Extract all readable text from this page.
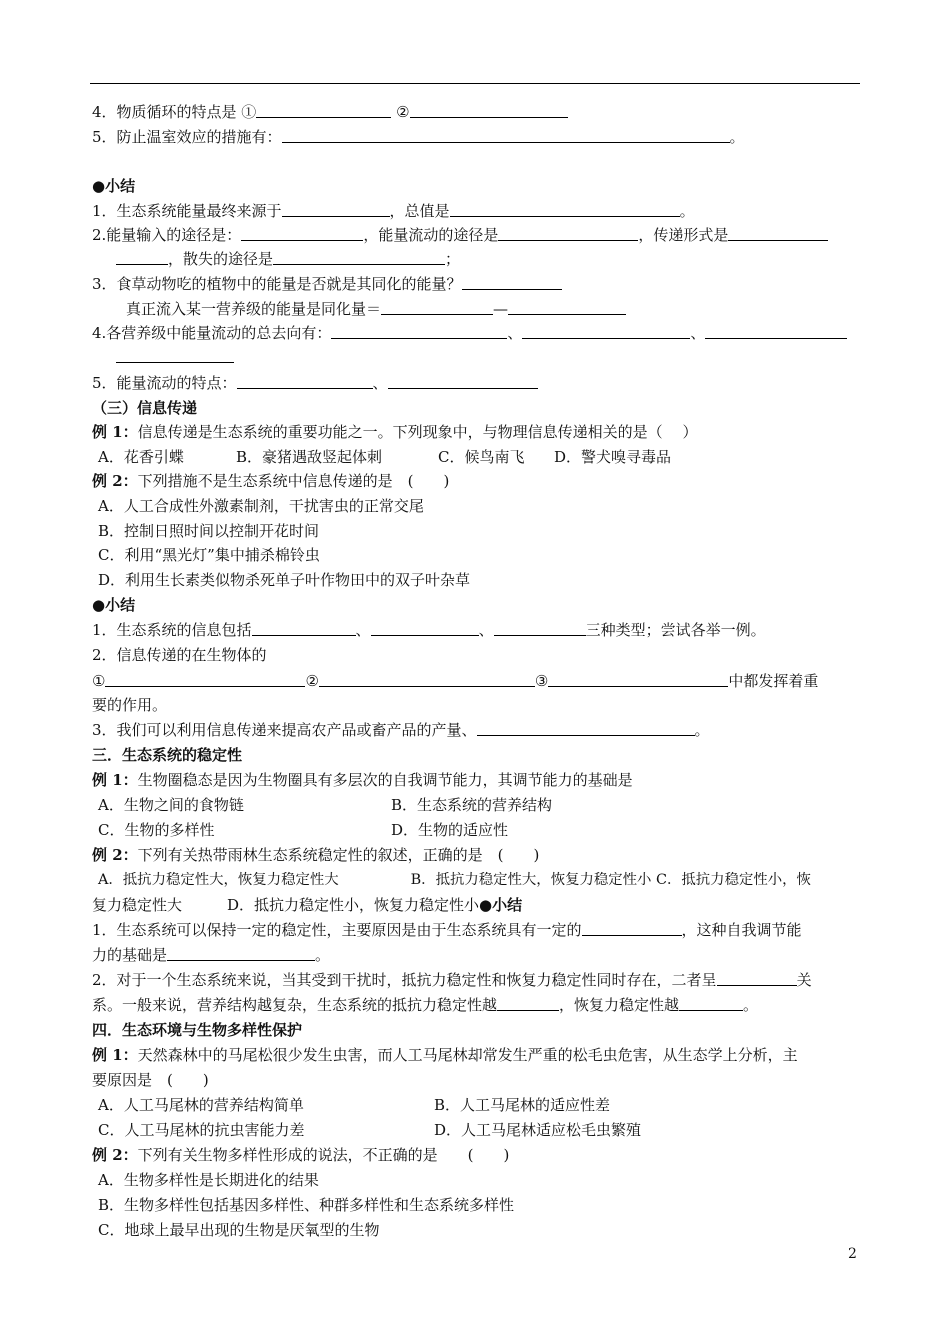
4．物质循环的特点是 ①	②
5．防止温室效应的措施有：	。
●小结
1．生态系统能量最终来源于	，总值是	。
2.能量输入的途径是：	，能量流动的途径是	，传递形式是
，散失的途径是	；
3．食草动物吃的植物中的能量是否就是其同化的能量？
真正流入某一营养级的能量是同化量＝	—
4.各营养级中能量流动的总去向有：	、	、
5．能量流动的特点：	、
（三）信息传递
例 1：信息传递是生态系统的重要功能之一。下列现象中，与物理信息传递相关的是（　 ）
A．花香引蝶	B．豪猪遇敌竖起体刺	C．候鸟南飞 D．警犬嗅寻毒品
例 2：下列措施不是生态系统中信息传递的是　(　　)
A．人工合成性外激素制剂，干扰害虫的正常交尾
B．控制日照时间以控制开花时间
C．利用“黑光灯”集中捕杀棉铃虫
D．利用生长素类似物杀死单子叶作物田中的双子叶杂草
●小结
1．生态系统的信息包括	、	、	三种类型；尝试各举一例。
2．信息传递的在生物体的
①	②	③	中都发挥着重
要的作用。
3．我们可以利用信息传递来提高农产品或畜产品的产量、	。
三．生态系统的稳定性
例 1：生物圈稳态是因为生物圈具有多层次的自我调节能力，其调节能力的基础是
A．生物之间的食物链	B．生态系统的营养结构
C．生物的多样性	D．生物的适应性
例 2：下列有关热带雨林生态系统稳定性的叙述，正确的是　(　　)
A．抵抗力稳定性大，恢复力稳定性大　　　　　B．抵抗力稳定性大，恢复力稳定性小 C．抵抗力稳定性小，恢
复力稳定性大　　　D．抵抗力稳定性小，恢复力稳定性小●小结
1．生态系统可以保持一定的稳定性，主要原因是由于生态系统具有一定的	，这种自我调节能
力的基础是	。
2．对于一个生态系统来说，当其受到干扰时，抵抗力稳定性和恢复力稳定性同时存在，二者呈	关
系。一般来说，营养结构越复杂，生态系统的抵抗力稳定性越	，恢复力稳定性越	。
四．生态环境与生物多样性保护
例 1：天然森林中的马尾松很少发生虫害，而人工马尾林却常发生严重的松毛虫危害，从生态学上分析，主
要原因是　(　　)
A．人工马尾林的营养结构简单	B．人工马尾林的适应性差
C．人工马尾林的抗虫害能力差	D．人工马尾林适应松毛虫繁殖
例 2：下列有关生物多样性形成的说法，不正确的是　　(　　)
A．生物多样性是长期进化的结果
B．生物多样性包括基因多样性、种群多样性和生态系统多样性
C．地球上最早出现的生物是厌氧型的生物
2
